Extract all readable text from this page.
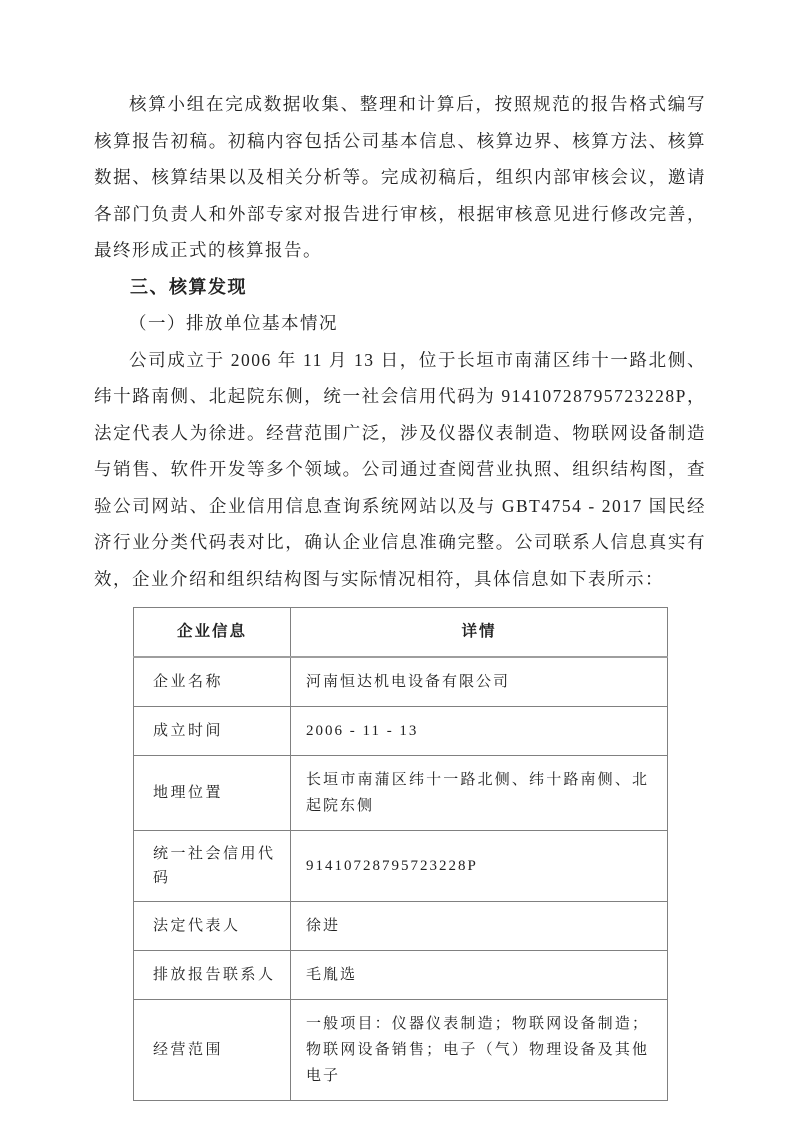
核算小组在完成数据收集、整理和计算后，按照规范的报告格式编写核算报告初稿。初稿内容包括公司基本信息、核算边界、核算方法、核算数据、核算结果以及相关分析等。完成初稿后，组织内部审核会议，邀请各部门负责人和外部专家对报告进行审核，根据审核意见进行修改完善，最终形成正式的核算报告。

三、核算发现

（一）排放单位基本情况

公司成立于 2006 年 11 月 13 日，位于长垣市南蒲区纬十一路北侧、纬十路南侧、北起院东侧，统一社会信用代码为 91410728795723228P，法定代表人为徐进。经营范围广泛，涉及仪器仪表制造、物联网设备制造与销售、软件开发等多个领域。公司通过查阅营业执照、组织结构图，查验公司网站、企业信用信息查询系统网站以及与 GBT4754 - 2017 国民经济行业分类代码表对比，确认企业信息准确完整。公司联系人信息真实有效，企业介绍和组织结构图与实际情况相符，具体信息如下表所示：

企业信息	详情
企业名称	河南恒达机电设备有限公司
成立时间	2006 - 11 - 13
地理位置	长垣市南蒲区纬十一路北侧、纬十路南侧、北起院东侧
统一社会信用代码	91410728795723228P
法定代表人	徐进
排放报告联系人	毛胤选
经营范围	一般项目：仪器仪表制造；物联网设备制造；物联网设备销售；电子（气）物理设备及其他电子
